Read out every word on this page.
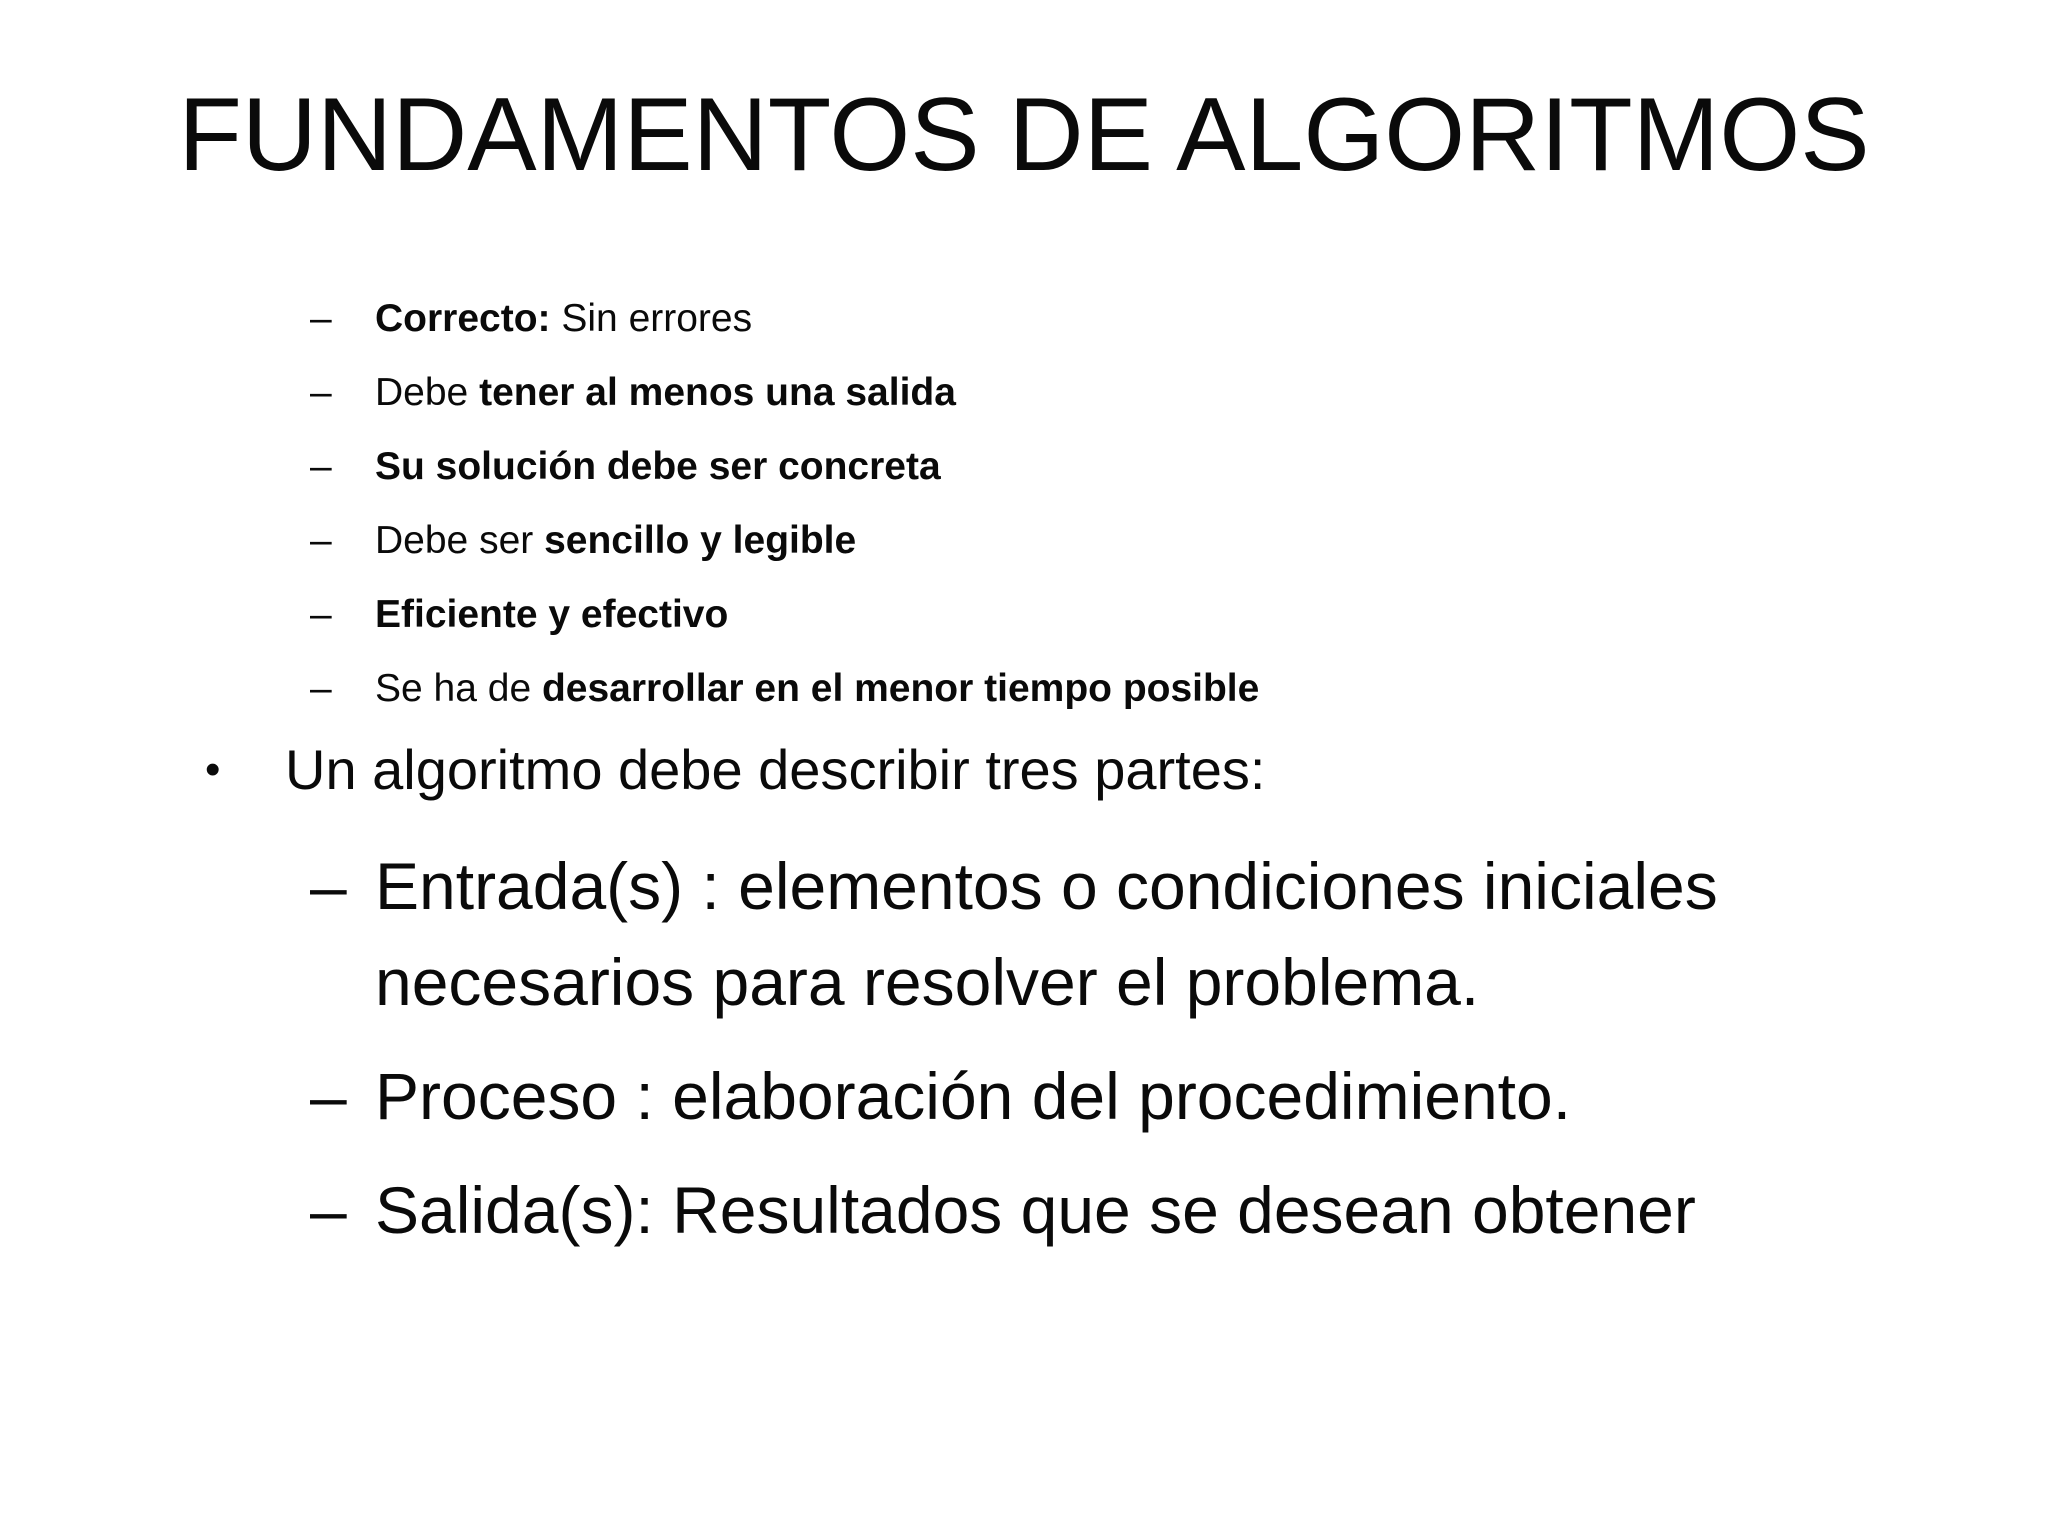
FUNDAMENTOS DE ALGORITMOS
–	Correcto: Sin errores
–	Debe tener al menos una salida
–	Su solución debe ser concreta
–	Debe ser sencillo y legible
–	Eficiente y efectivo
–	Se ha de desarrollar en el menor tiempo posible
• Un algoritmo debe describir tres partes:
– Entrada(s) : elementos o condiciones iniciales necesarios para resolver el problema.
– Proceso : elaboración del procedimiento.
– Salida(s): Resultados que se desean obtener
